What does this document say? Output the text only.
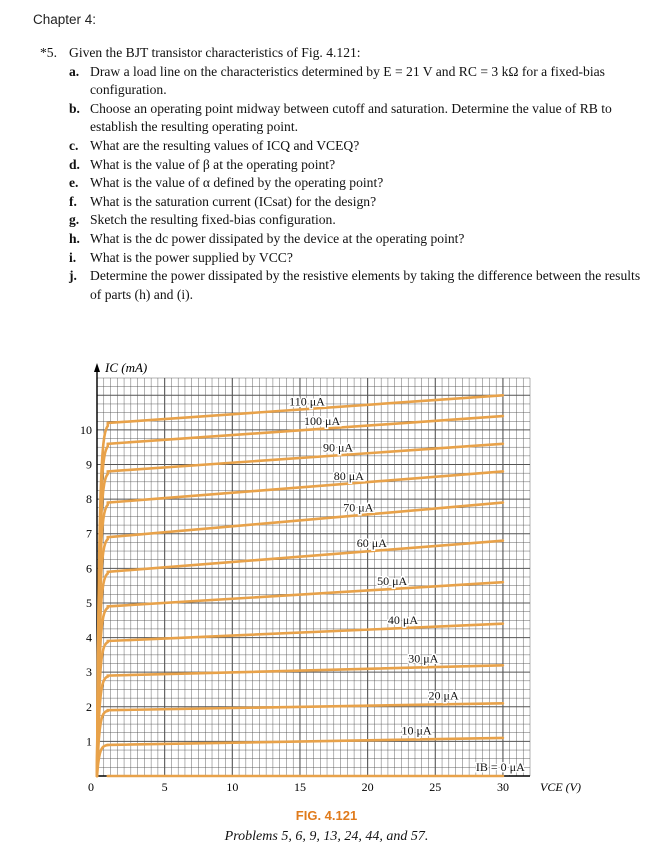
Chapter 4:
*5. Given the BJT transistor characteristics of Fig. 4.121:
a. Draw a load line on the characteristics determined by E = 21 V and RC = 3 kΩ for a fixed-bias configuration.
b. Choose an operating point midway between cutoff and saturation. Determine the value of RB to establish the resulting operating point.
c. What are the resulting values of ICQ and VCEQ?
d. What is the value of β at the operating point?
e. What is the value of α defined by the operating point?
f. What is the saturation current (ICsat) for the design?
g. Sketch the resulting fixed-bias configuration.
h. What is the dc power dissipated by the device at the operating point?
i. What is the power supplied by VCC?
j. Determine the power dissipated by the resistive elements by taking the difference between the results of parts (h) and (i).
0	5	10	15	20	25	30
1
2
3
4
5
6
7
8
9
10
IC (mA)
VCE (V)
IB = 0 μA
10 μA
20 μA
30 μA
40 μA
50 μA
60 μA
70 μA
80 μA
90 μA
100 μA
110 μA
FIG. 4.121
Problems 5, 6, 9, 13, 24, 44, and 57.
